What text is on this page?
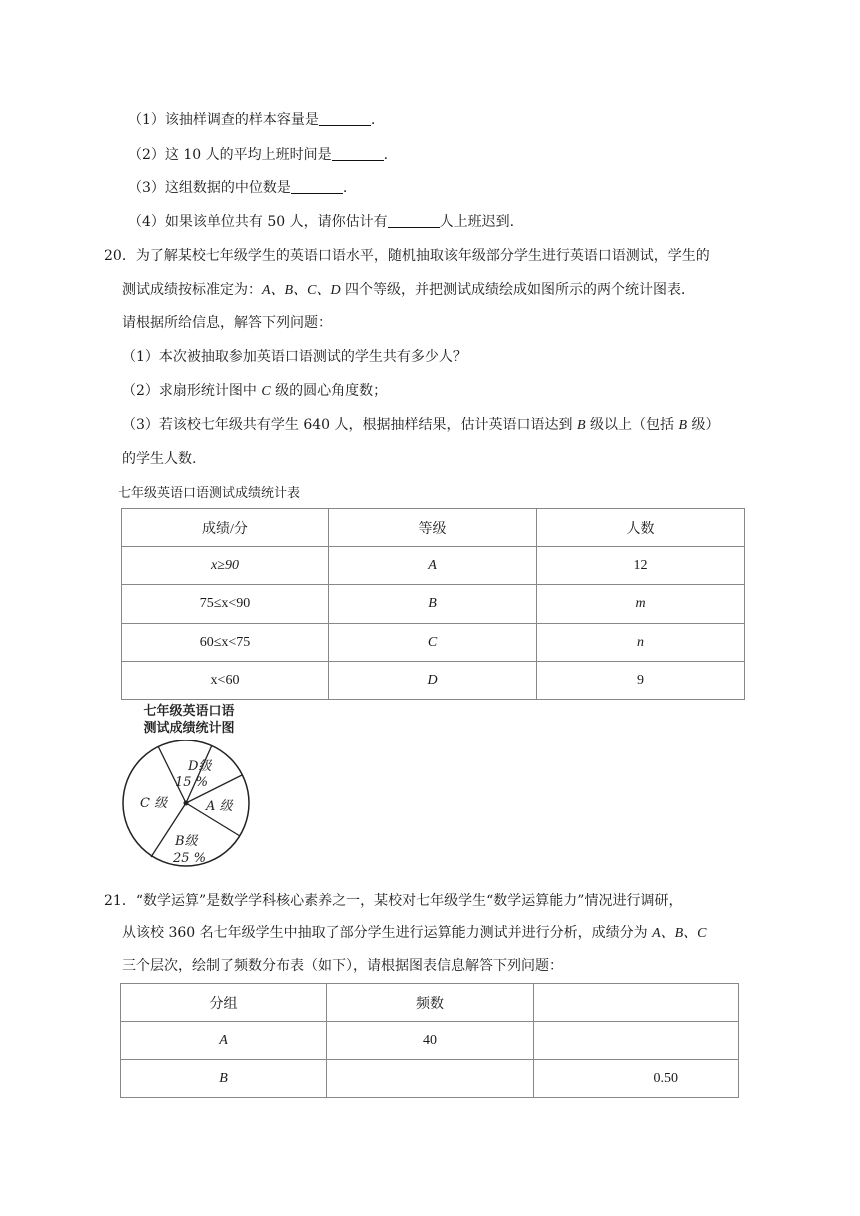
（1）该抽样调查的样本容量是	.
（2）这 10 人的平均上班时间是	.
（3）这组数据的中位数是	.
（4）如果该单位共有 50 人，请你估计有	人上班迟到.
20．为了解某校七年级学生的英语口语水平，随机抽取该年级部分学生进行英语口语测试，学生的
测试成绩按标准定为：A、B、C、D 四个等级，并把测试成绩绘成如图所示的两个统计图表．
请根据所给信息，解答下列问题：
（1）本次被抽取参加英语口语测试的学生共有多少人？
（2）求扇形统计图中 C 级的圆心角度数；
（3）若该校七年级共有学生 640 人，根据抽样结果，估计英语口语达到 B 级以上（包括 B 级）
的学生人数.
七年级英语口语测试成绩统计表
成绩/分	等级	人数
x≥90	A	12
75≤x<90	B	m
60≤x<75	C	n
x<60	D	9
七年级英语口语
测试成绩统计图
D级
15 %
C 级	A 级
B级
25 %
21．“数学运算”是数学学科核心素养之一，某校对七年级学生“数学运算能力”情况进行调研，
从该校 360 名七年级学生中抽取了部分学生进行运算能力测试并进行分析，成绩分为 A、B、C
三个层次，绘制了频数分布表（如下），请根据图表信息解答下列问题：
分组	频数	
A	40	
B		0.50
